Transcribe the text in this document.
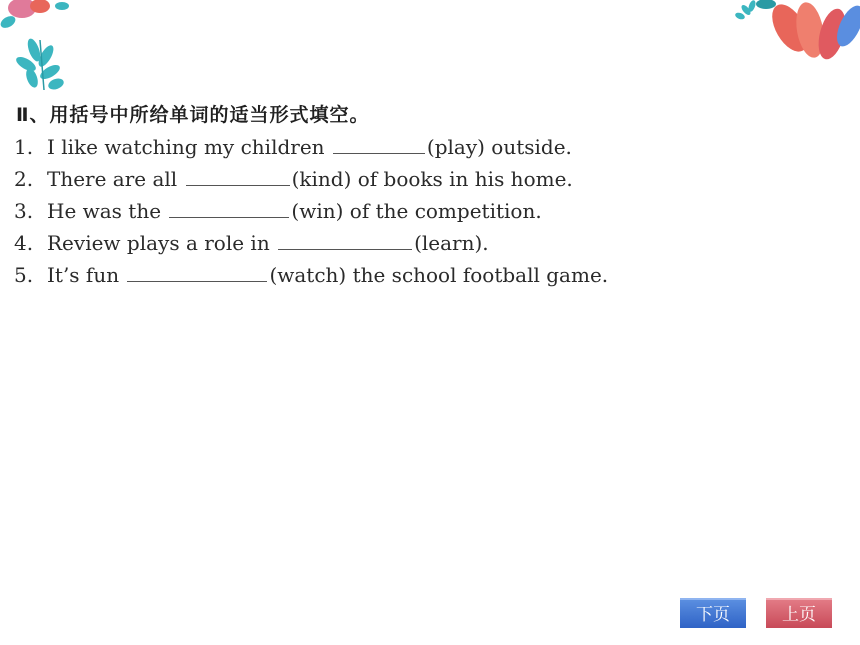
Ⅱ、用括号中所给单词的适当形式填空。
1. I like watching my children	(play) outside.
2. There are all	(kind) of books in his home.
3. He was the	(win) of the competition.
4. Review plays a role in	(learn).
5. It’s fun	(watch) the school football game.
下页	上页
